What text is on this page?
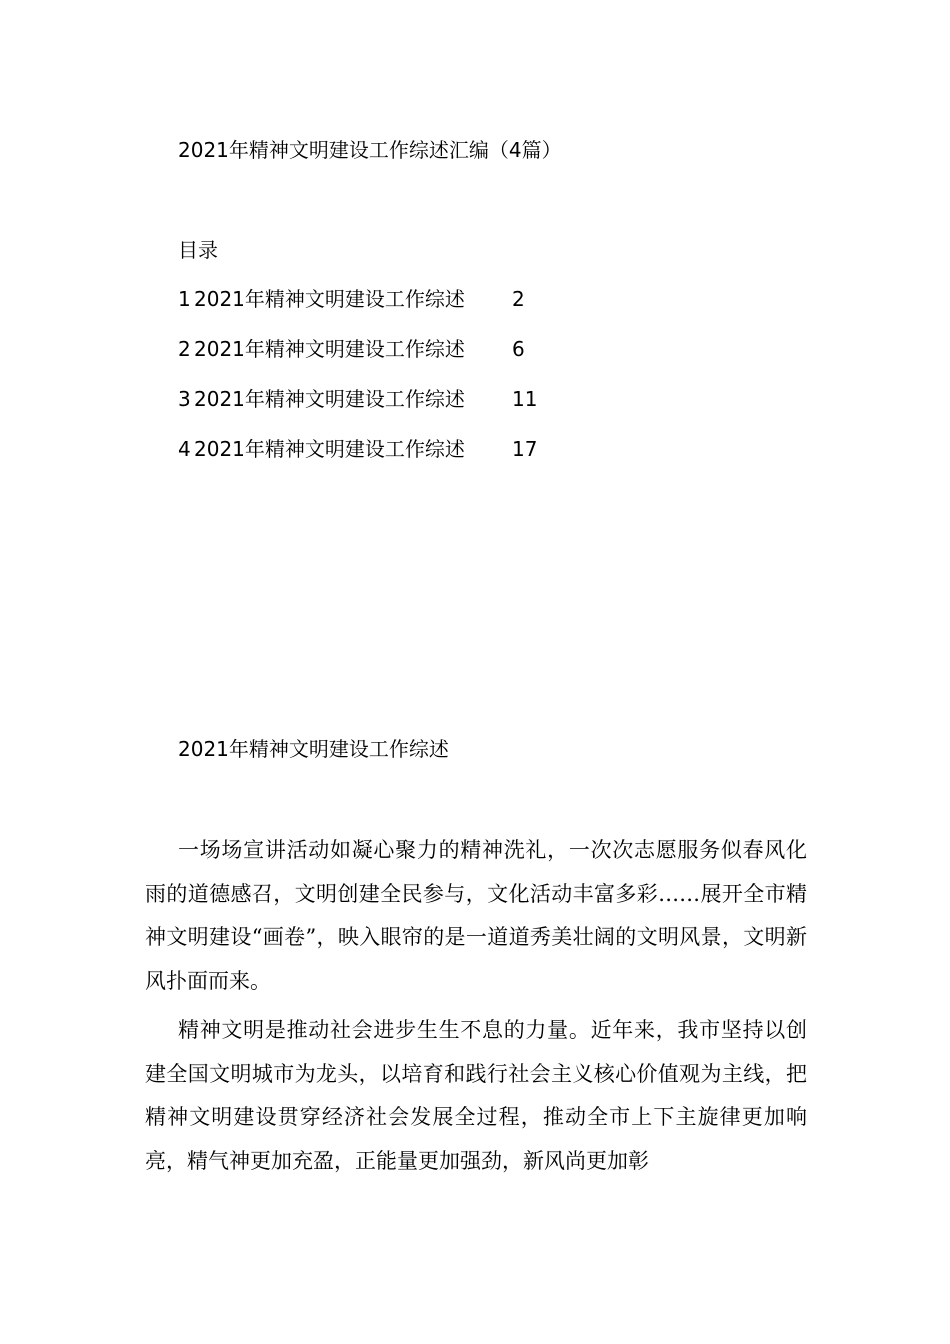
2021年精神文明建设工作综述汇编（4篇）
目录
1 2021年精神文明建设工作综述	2
2 2021年精神文明建设工作综述	6
3 2021年精神文明建设工作综述	11
4 2021年精神文明建设工作综述	17
2021年精神文明建设工作综述

一场场宣讲活动如凝心聚力的精神洗礼，一次次志愿服务似春风化雨的道德感召，文明创建全民参与，文化活动丰富多彩……展开全市精神文明建设“画卷”，映入眼帘的是一道道秀美壮阔的文明风景，文明新风扑面而来。

精神文明是推动社会进步生生不息的力量。近年来，我市坚持以创建全国文明城市为龙头，以培育和践行社会主义核心价值观为主线，把精神文明建设贯穿经济社会发展全过程，推动全市上下主旋律更加响亮，精气神更加充盈，正能量更加强劲，新风尚更加彰
